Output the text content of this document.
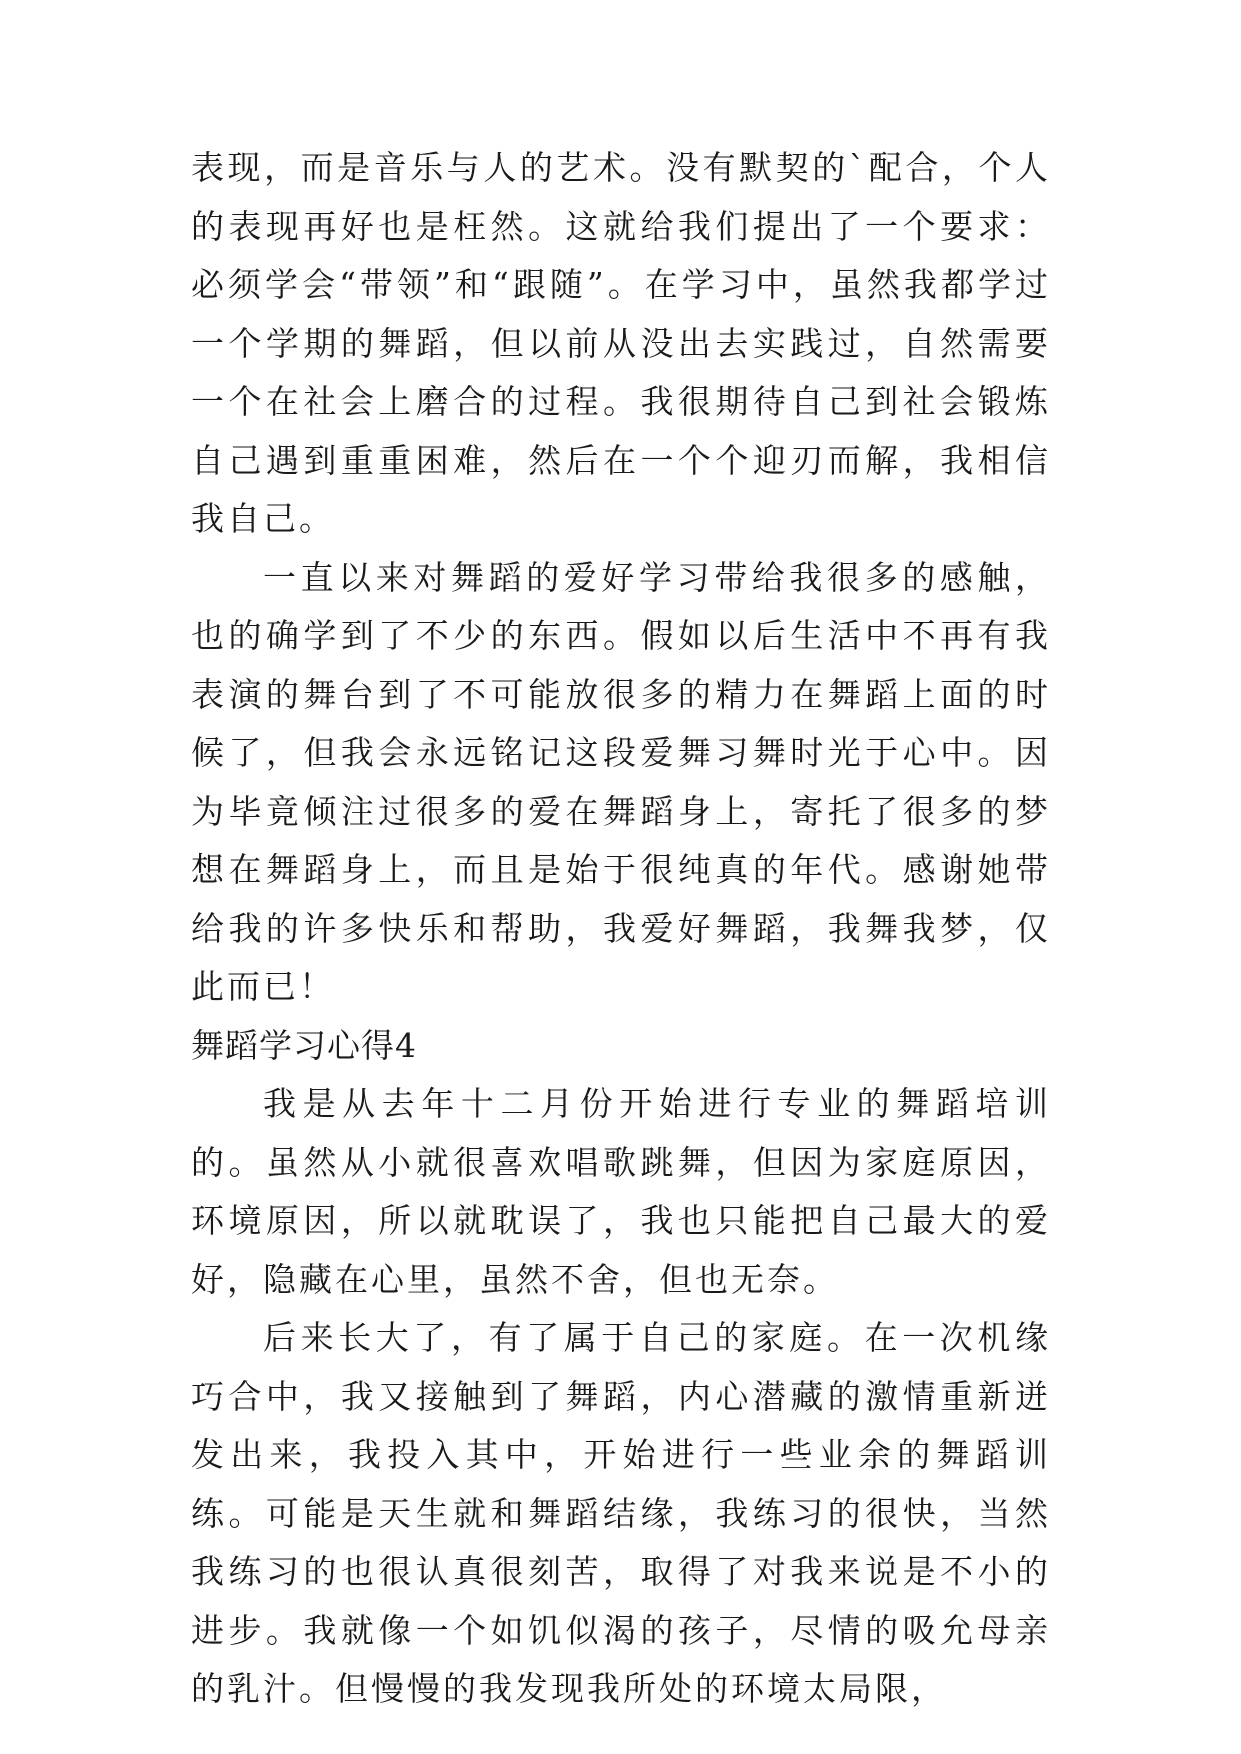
表现，而是音乐与人的艺术。没有默契的`配合，个人的表现再好也是枉然。这就给我们提出了一个要求：必须学会“带领”和“跟随”。在学习中，虽然我都学过一个学期的舞蹈，但以前从没出去实践过，自然需要一个在社会上磨合的过程。我很期待自己到社会锻炼自己遇到重重困难，然后在一个个迎刃而解，我相信我自己。

一直以来对舞蹈的爱好学习带给我很多的感触，也的确学到了不少的东西。假如以后生活中不再有我表演的舞台到了不可能放很多的精力在舞蹈上面的时候了，但我会永远铭记这段爱舞习舞时光于心中。因为毕竟倾注过很多的爱在舞蹈身上，寄托了很多的梦想在舞蹈身上，而且是始于很纯真的年代。感谢她带给我的许多快乐和帮助，我爱好舞蹈，我舞我梦，仅此而已！

舞蹈学习心得4

我是从去年十二月份开始进行专业的舞蹈培训的。虽然从小就很喜欢唱歌跳舞，但因为家庭原因，环境原因，所以就耽误了，我也只能把自己最大的爱好，隐藏在心里，虽然不舍，但也无奈。

后来长大了，有了属于自己的家庭。在一次机缘巧合中，我又接触到了舞蹈，内心潜藏的激情重新迸发出来，我投入其中，开始进行一些业余的舞蹈训练。可能是天生就和舞蹈结缘，我练习的很快，当然我练习的也很认真很刻苦，取得了对我来说是不小的进步。我就像一个如饥似渴的孩子，尽情的吸允母亲的乳汁。但慢慢的我发现我所处的环境太局限，
